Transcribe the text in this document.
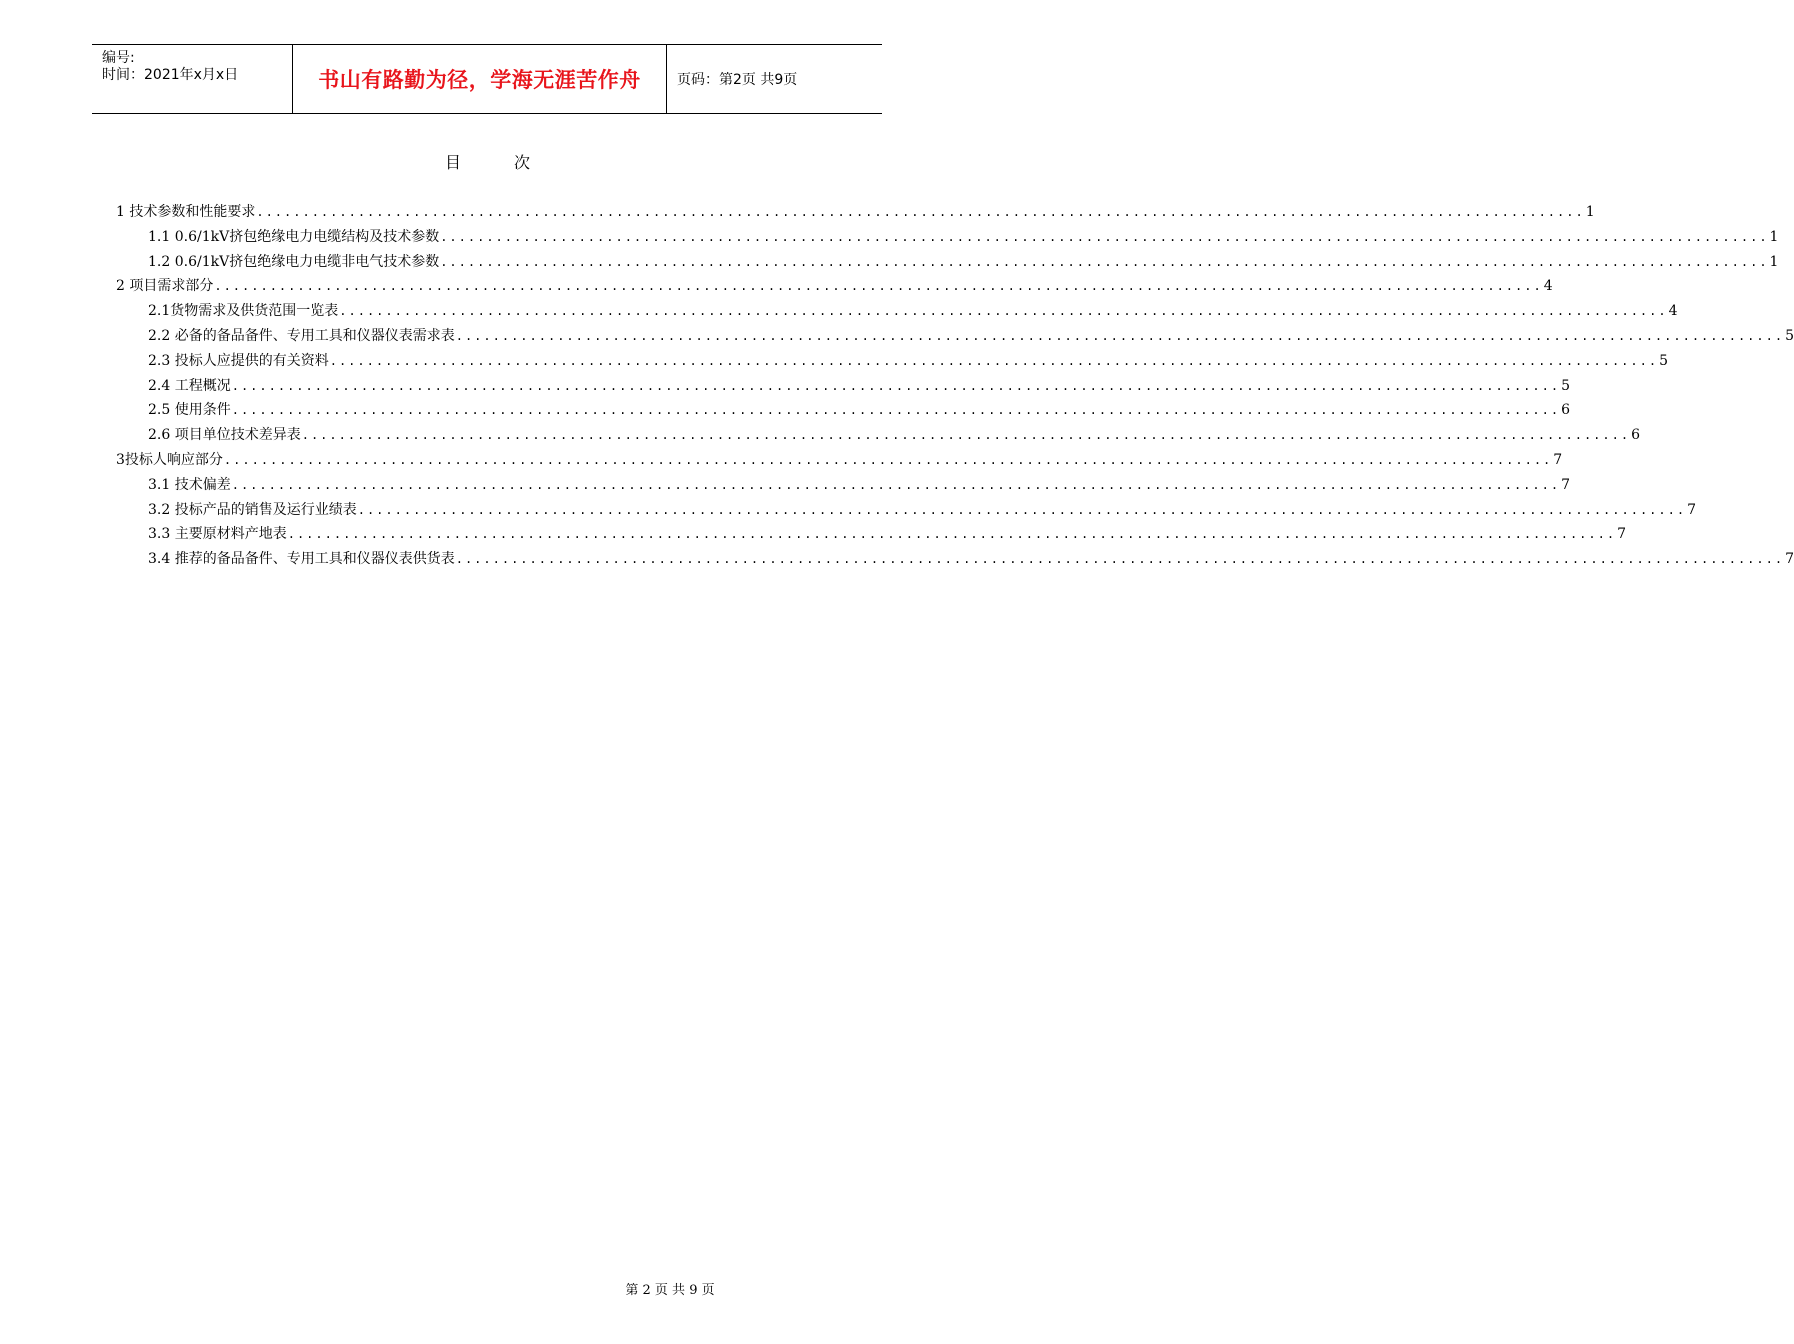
编号:
时间：2021年x月x日	书山有路勤为径，学海无涯苦作舟	页码：第2页 共9页
目	次
1 技术参数和性能要求 ................................................................................................................................................ 1
1.1 0.6/1kV挤包绝缘电力电缆结构及技术参数 ................................................................................................................................................ 1
1.2 0.6/1kV挤包绝缘电力电缆非电气技术参数 ................................................................................................................................................ 1
2 项目需求部分 ................................................................................................................................................ 4
2.1货物需求及供货范围一览表 ................................................................................................................................................ 4
2.2 必备的备品备件、专用工具和仪器仪表需求表 ................................................................................................................................................ 5
2.3 投标人应提供的有关资料 ................................................................................................................................................ 5
2.4 工程概况 ................................................................................................................................................ 5
2.5 使用条件 ................................................................................................................................................ 6
2.6 项目单位技术差异表 ................................................................................................................................................ 6
3投标人响应部分 ................................................................................................................................................ 7
3.1 技术偏差 ................................................................................................................................................ 7
3.2 投标产品的销售及运行业绩表 ................................................................................................................................................ 7
3.3 主要原材料产地表 ................................................................................................................................................ 7
3.4 推荐的备品备件、专用工具和仪器仪表供货表 ................................................................................................................................................ 7
第 2 页 共 9 页
